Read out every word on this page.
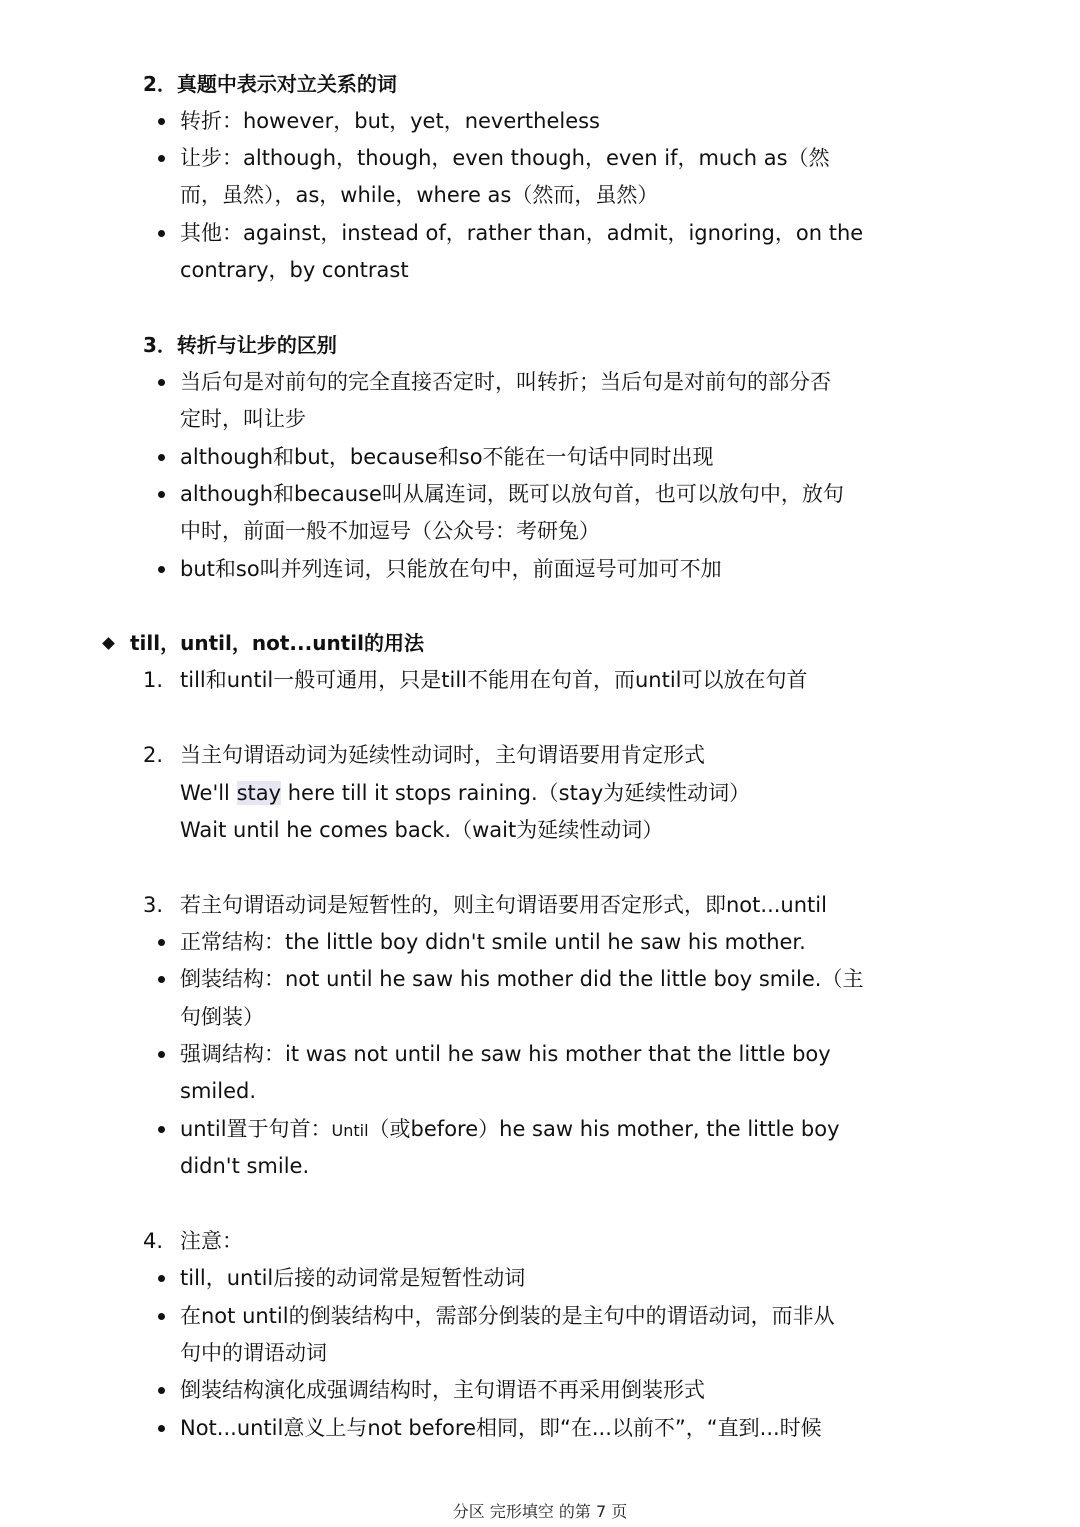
2．真题中表示对立关系的词
转折：however，but，yet，nevertheless
让步：although，though，even though，even if，much as（然
而，虽然），as，while，where as（然而，虽然）
其他：against，instead of，rather than，admit，ignoring，on the
contrary，by contrast
3．转折与让步的区别
当后句是对前句的完全直接否定时，叫转折；当后句是对前句的部分否
定时，叫让步
although和but，because和so不能在一句话中同时出现
although和because叫从属连词，既可以放句首，也可以放句中，放句
中时，前面一般不加逗号（公众号：考研兔）
but和so叫并列连词，只能放在句中，前面逗号可加可不加
till，until，not...until的用法
1. till和until一般可通用，只是till不能用在句首，而until可以放在句首
2. 当主句谓语动词为延续性动词时，主句谓语要用肯定形式
We'll stay here till it stops raining.（stay为延续性动词）
Wait until he comes back.（wait为延续性动词）
3. 若主句谓语动词是短暂性的，则主句谓语要用否定形式，即not...until
正常结构：the little boy didn't smile until he saw his mother.
倒装结构：not until he saw his mother did the little boy smile.（主
句倒装）
强调结构：it was not until he saw his mother that the little boy
smiled.
until置于句首：Until（或before）he saw his mother, the little boy
didn't smile.
4. 注意：
till，until后接的动词常是短暂性动词
在not until的倒装结构中，需部分倒装的是主句中的谓语动词，而非从
句中的谓语动词
倒装结构演化成强调结构时，主句谓语不再采用倒装形式
Not...until意义上与not before相同，即“在...以前不”，“直到...时候
分区 完形填空 的第 7 页
